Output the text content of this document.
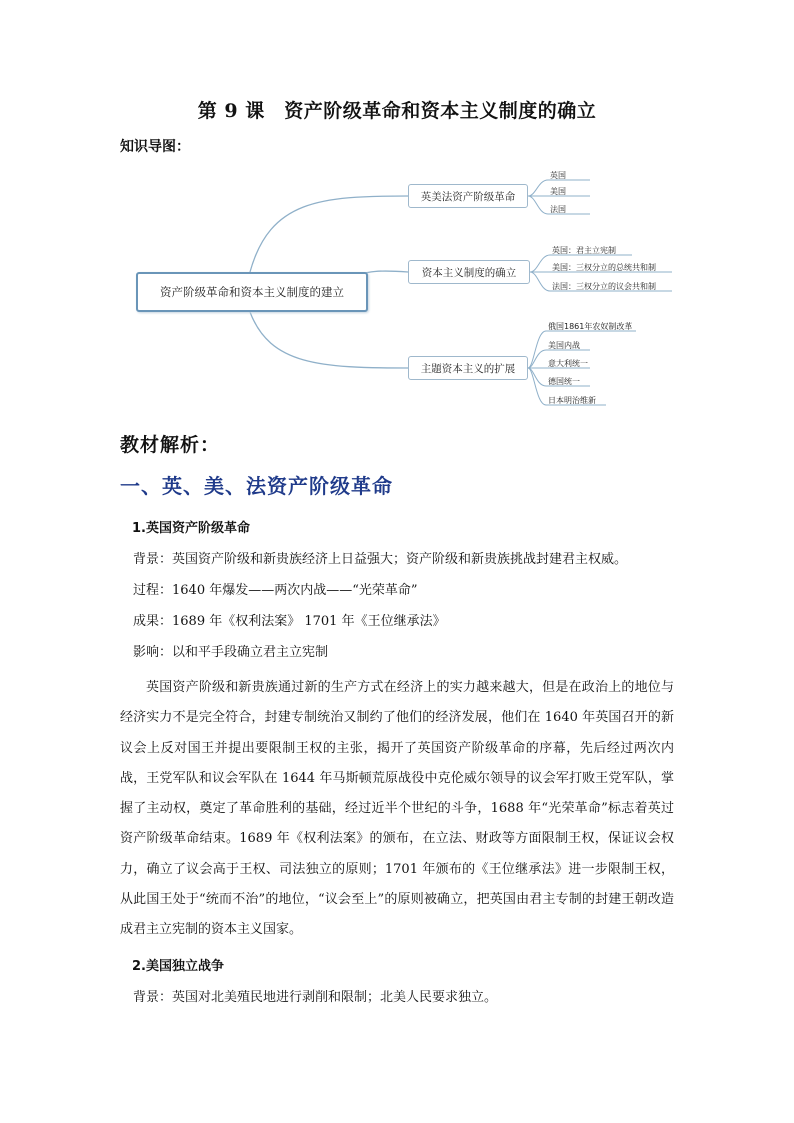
第 9 课　资产阶级革命和资本主义制度的确立
知识导图：
资产阶级革命和资本主义制度的建立
英美法资产阶级革命
资本主义制度的确立
主題资本主义的扩展
英国
美国
法国
英国：君主立宪制
美国：三权分立的总统共和制
法国：三权分立的议会共和制
俄国1861年农奴制改革
美国内战
意大利统一
德国统一
日本明治维新
教材解析：
一、英、美、法资产阶级革命
1.英国资产阶级革命
背景：英国资产阶级和新贵族经济上日益强大；资产阶级和新贵族挑战封建君主权威。
过程：1640 年爆发——两次内战——“光荣革命”
成果：1689 年《权利法案》 1701 年《王位继承法》
影响：以和平手段确立君主立宪制
英国资产阶级和新贵族通过新的生产方式在经济上的实力越来越大，但是在政治上的地位与经济实力不是完全符合，封建专制统治又制约了他们的经济发展，他们在 1640 年英国召开的新议会上反对国王并提出要限制王权的主张，揭开了英国资产阶级革命的序幕，先后经过两次内战，王党军队和议会军队在 1644 年马斯顿荒原战役中克伦威尔领导的议会军打败王党军队，掌握了主动权，奠定了革命胜利的基础，经过近半个世纪的斗争，1688 年“光荣革命”标志着英过资产阶级革命结束。1689 年《权利法案》的颁布，在立法、财政等方面限制王权，保证议会权力，确立了议会高于王权、司法独立的原则；1701 年颁布的《王位继承法》进一步限制王权，从此国王处于“统而不治”的地位，“议会至上”的原则被确立，把英国由君主专制的封建王朝改造成君主立宪制的资本主义国家。
2.美国独立战争
背景：英国对北美殖民地进行剥削和限制；北美人民要求独立。
